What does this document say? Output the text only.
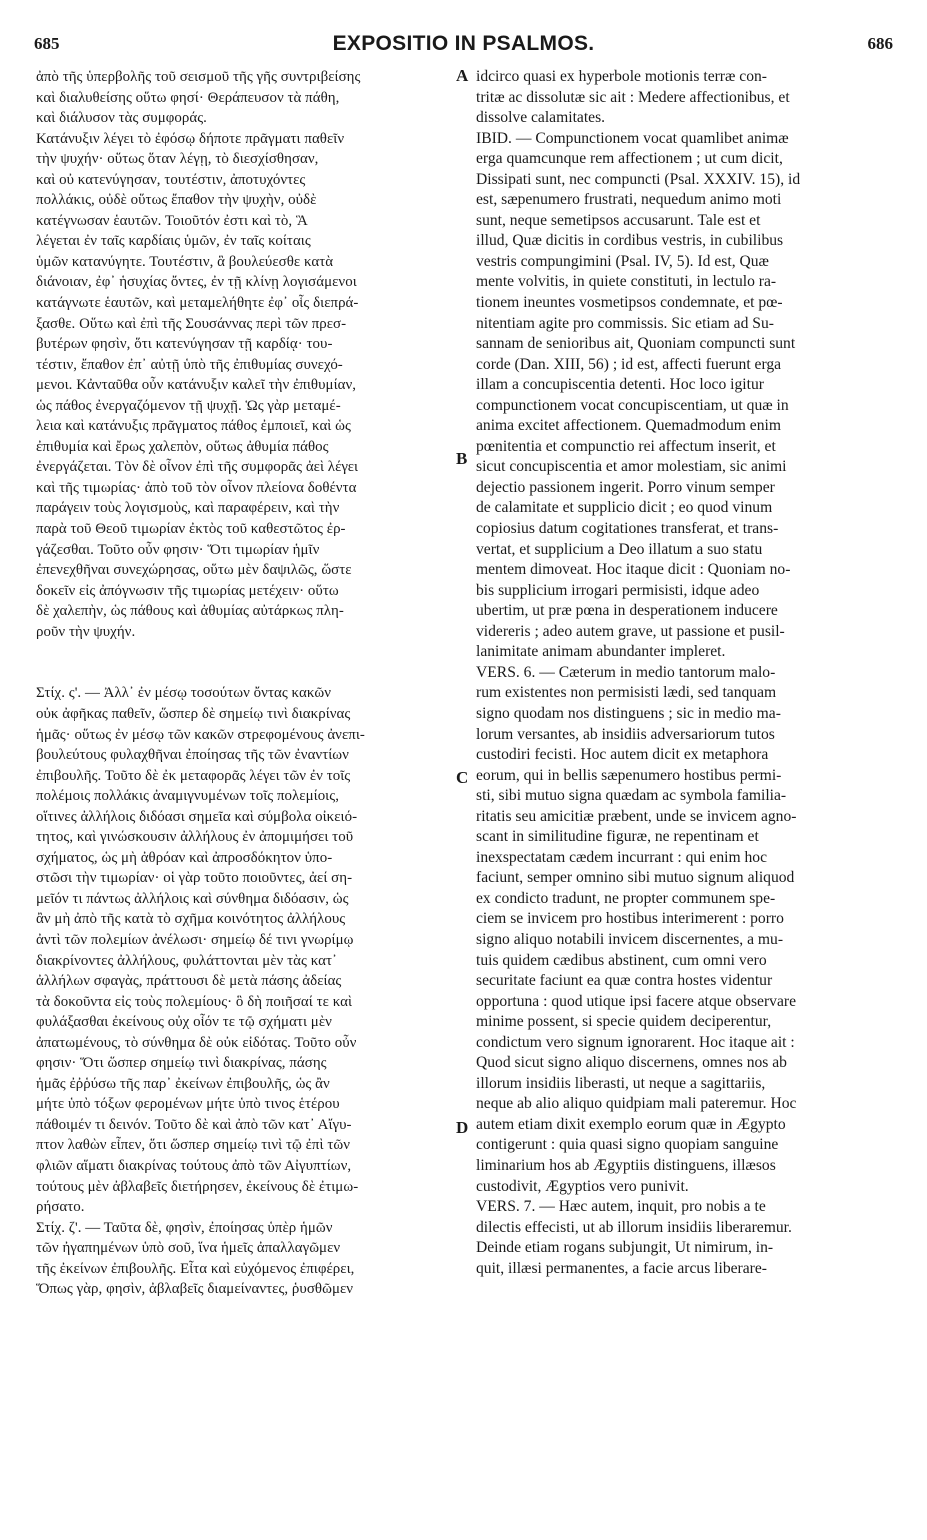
685	EXPOSITIO IN PSALMOS.	686
ἀπὸ τῆς ὑπερβολῆς τοῦ σεισμοῦ τῆς γῆς συντριβείσης
καὶ διαλυθείσης οὕτω φησί· Θεράπευσον τὰ πάθη,
καὶ διάλυσον τὰς συμφοράς.
Κατάνυξιν λέγει τὸ ἐφόσῳ δήποτε πρᾶγματι παθεῖν
τὴν ψυχήν· οὕτως ὅταν λέγῃ, τὸ διεσχίσθησαν,
καὶ οὐ κατενύγησαν, τουτέστιν, ἀποτυχόντες
πολλάκις, οὐδὲ οὕτως ἔπαθον τὴν ψυχὴν, οὐδὲ
κατέγνωσαν ἑαυτῶν. Τοιοῦτόν ἐστι καὶ τὸ, Ἃ
λέγεται ἐν ταῖς καρδίαις ὑμῶν, ἐν ταῖς κοίταις
ὑμῶν κατανύγητε. Τουτέστιν, ἃ βουλεύεσθε κατὰ
διάνοιαν, ἐφ᾽ ἡσυχίας ὄντες, ἐν τῇ κλίνῃ λογισάμενοι
κατάγνωτε ἑαυτῶν, καὶ μεταμελήθητε ἐφ᾽ οἷς διεπρά-
ξασθε. Οὕτω καὶ ἐπὶ τῆς Σουσάννας περὶ τῶν πρεσ-
βυτέρων φησὶν, ὅτι κατενύγησαν τῇ καρδίᾳ· του-
τέστιν, ἔπαθον ἐπ᾽ αὐτῇ ὑπὸ τῆς ἐπιθυμίας συνεχό-
μενοι. Κἀνταῦθα οὖν κατάνυξιν καλεῖ τὴν ἐπιθυμίαν,
ὡς πάθος ἐνεργαζόμενον τῇ ψυχῇ. Ὡς γὰρ μεταμέ-
λεια καὶ κατάνυξις πρᾶγματος πάθος ἐμποιεῖ, καὶ ὡς
ἐπιθυμία καὶ ἔρως χαλεπὸν, οὕτως ἀθυμία πάθος
ἐνεργάζεται. Τὸν δὲ οἶνον ἐπὶ τῆς συμφορᾶς ἀεὶ λέγει
καὶ τῆς τιμωρίας· ἀπὸ τοῦ τὸν οἶνον πλείονα δοθέντα
παράγειν τοὺς λογισμοὺς, καὶ παραφέρειν, καὶ τὴν
παρὰ τοῦ Θεοῦ τιμωρίαν ἐκτὸς τοῦ καθεστῶτος ἐρ-
γάζεσθαι. Τοῦτο οὖν φησιν· Ὅτι τιμωρίαν ἡμῖν
ἐπενεχθῆναι συνεχώρησας, οὕτω μὲν δαψιλῶς, ὥστε
δοκεῖν εἰς ἀπόγνωσιν τῆς τιμωρίας μετέχειν· οὕτω
δὲ χαλεπὴν, ὡς πάθους καὶ ἀθυμίας αὐτάρκως πλη-
ροῦν τὴν ψυχήν.
Στίχ. ς'. — Ἀλλ᾽ ἐν μέσῳ τοσούτων ὄντας κακῶν
οὐκ ἀφῆκας παθεῖν, ὥσπερ δὲ σημείῳ τινὶ διακρίνας
ἡμᾶς· οὕτως ἐν μέσῳ τῶν κακῶν στρεφομένους ἀνεπι-
βουλεύτους φυλαχθῆναι ἐποίησας τῆς τῶν ἐναντίων
ἐπιβουλῆς. Τοῦτο δὲ ἐκ μεταφορᾶς λέγει τῶν ἐν τοῖς
πολέμοις πολλάκις ἀναμιγνυμένων τοῖς πολεμίοις,
οἵτινες ἀλλήλοις διδόασι σημεῖα καὶ σύμβολα οἰκειό-
τητος, καὶ γινώσκουσιν ἀλλήλους ἐν ἀπομιμήσει τοῦ
σχήματος, ὡς μὴ ἀθρόαν καὶ ἀπροσδόκητον ὑπο-
στῶσι τὴν τιμωρίαν· οἱ γὰρ τοῦτο ποιοῦντες, ἀεί ση-
μεῖόν τι πάντως ἀλλήλοις καὶ σύνθημα διδόασιν, ὡς
ἂν μὴ ἀπὸ τῆς κατὰ τὸ σχῆμα κοινότητος ἀλλήλους
ἀντὶ τῶν πολεμίων ἀνέλωσι· σημείῳ δέ τινι γνωρίμῳ
διακρίνοντες ἀλλήλους, φυλάττονται μὲν τὰς κατ᾽
ἀλλήλων σφαγὰς, πράττουσι δὲ μετὰ πάσης ἀδείας
τὰ δοκοῦντα εἰς τοὺς πολεμίους· ὃ δὴ ποιῆσαί τε καὶ
φυλάξασθαι ἐκείνους οὐχ οἷόν τε τῷ σχήματι μὲν
ἀπατωμένους, τὸ σύνθημα δὲ οὐκ εἰδότας. Τοῦτο οὖν
φησιν· Ὅτι ὥσπερ σημείῳ τινὶ διακρίνας, πάσης
ἡμᾶς ἐῤῥύσω τῆς παρ᾽ ἐκείνων ἐπιβουλῆς, ὡς ἂν
μήτε ὑπὸ τόξων φερομένων μήτε ὑπὸ τινος ἑτέρου
πάθοιμέν τι δεινόν. Τοῦτο δὲ καὶ ἀπὸ τῶν κατ᾽ Αἴγυ-
πτον λαθὼν εἶπεν, ὅτι ὥσπερ σημείῳ τινὶ τῷ ἐπὶ τῶν
φλιῶν αἵματι διακρίνας τούτους ἀπὸ τῶν Αἰγυπτίων,
τούτους μὲν ἀβλαβεῖς διετήρησεν, ἐκείνους δὲ ἐτιμω-
ρήσατο.
Στίχ. ζ'. — Ταῦτα δὲ, φησὶν, ἐποίησας ὑπὲρ ἡμῶν
τῶν ἠγαπημένων ὑπὸ σοῦ, ἵνα ἡμεῖς ἀπαλλαγῶμεν
τῆς ἐκείνων ἐπιβουλῆς. Εἶτα καὶ εὐχόμενος ἐπιφέρει,
Ὅπως γὰρ, φησὶν, ἀβλαβεῖς διαμείναντες, ῥυσθῶμεν
A
B
C
D
idcirco quasi ex hyperbole motionis terræ con-
tritæ ac dissolutæ sic ait : Medere affectionibus, et
dissolve calamitates.
IBID. — Compunctionem vocat quamlibet animæ
erga quamcunque rem affectionem ; ut cum dicit,
Dissipati sunt, nec compuncti (Psal. XXXIV. 15), id
est, sæpenumero frustrati, nequedum animo moti
sunt, neque semetipsos accusarunt. Tale est et
illud, Quæ dicitis in cordibus vestris, in cubilibus
vestris compungimini (Psal. IV, 5). Id est, Quæ
mente volvitis, in quiete constituti, in lectulo ra-
tionem ineuntes vosmetipsos condemnate, et pœ-
nitentiam agite pro commissis. Sic etiam ad Su-
sannam de senioribus ait, Quoniam compuncti sunt
corde (Dan. XIII, 56) ; id est, affecti fuerunt erga
illam a concupiscentia detenti. Hoc loco igitur
compunctionem vocat concupiscentiam, ut quæ in
anima excitet affectionem. Quemadmodum enim
pœnitentia et compunctio rei affectum inserit, et
sicut concupiscentia et amor molestiam, sic animi
dejectio passionem ingerit. Porro vinum semper
de calamitate et supplicio dicit ; eo quod vinum
copiosius datum cogitationes transferat, et trans-
vertat, et supplicium a Deo illatum a suo statu
mentem dimoveat. Hoc itaque dicit : Quoniam no-
bis supplicium irrogari permisisti, idque adeo
ubertim, ut præ pœna in desperationem inducere
videreris ; adeo autem grave, ut passione et pusil-
lanimitate animam abundanter impleret.
VERS. 6. — Cæterum in medio tantorum malo-
rum existentes non permisisti lædi, sed tanquam
signo quodam nos distinguens ; sic in medio ma-
lorum versantes, ab insidiis adversariorum tutos
custodiri fecisti. Hoc autem dicit ex metaphora
eorum, qui in bellis sæpenumero hostibus permi-
sti, sibi mutuo signa quædam ac symbola familia-
ritatis seu amicitiæ præbent, unde se invicem agno-
scant in similitudine figuræ, ne repentinam et
inexspectatam cædem incurrant : qui enim hoc
faciunt, semper omnino sibi mutuo signum aliquod
ex condicto tradunt, ne propter communem spe-
ciem se invicem pro hostibus interimerent : porro
signo aliquo notabili invicem discernentes, a mu-
tuis quidem cædibus abstinent, cum omni vero
securitate faciunt ea quæ contra hostes videntur
opportuna : quod utique ipsi facere atque observare
minime possent, si specie quidem deciperentur,
condictum vero signum ignorarent. Hoc itaque ait :
Quod sicut signo aliquo discernens, omnes nos ab
illorum insidiis liberasti, ut neque a sagittariis,
neque ab alio aliquo quidpiam mali pateremur. Hoc
autem etiam dixit exemplo eorum quæ in Ægypto
contigerunt : quia quasi signo quopiam sanguine
liminarium hos ab Ægyptiis distinguens, illæsos
custodivit, Ægyptios vero punivit.
VERS. 7. — Hæc autem, inquit, pro nobis a te
dilectis effecisti, ut ab illorum insidiis liberaremur.
Deinde etiam rogans subjungit, Ut nimirum, in-
quit, illæsi permanentes, a facie arcus liberare-
